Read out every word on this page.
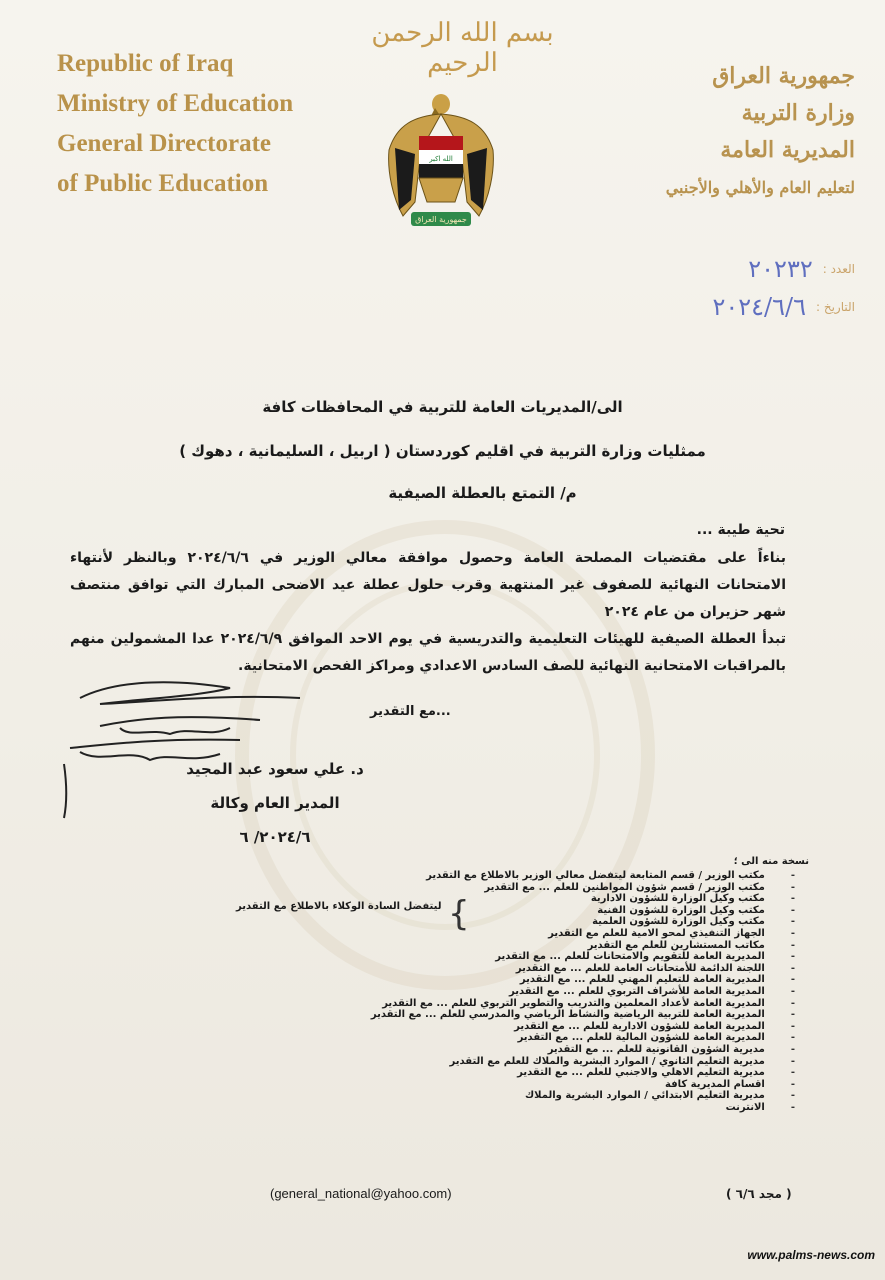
Republic of Iraq
Ministry of Education
General Directorate
of Public Education
بسم الله الرحمن الرحيم
الله اكبر
جمهورية العراق
جمهورية العراق
وزارة التربية
المديرية العامة
لتعليم العام والأهلي والأجنبي
العدد :
٢٠٢٣٢
التاريخ :
٢٠٢٤/٦/٦
الى/المديريات العامة للتربية في المحافظات كافة
ممثليات وزارة التربية في اقليم كوردستان ( اربيل ، السليمانية ، دهوك )
م/ التمتع بالعطلة الصيفية
تحية طيبة ...

بناءاً على مقتضيات المصلحة العامة وحصول موافقة معالي الوزير في ٢٠٢٤/٦/٦ وبالنظر لأنتهاء الامتحانات النهائية للصفوف غير المنتهية وقرب حلول عطلة عيد الاضحى المبارك التي توافق منتصف شهر حزيران من عام ٢٠٢٤

تبدأ العطلة الصيفية للهيئات التعليمية والتدريسية في يوم الاحد الموافق ٢٠٢٤/٦/٩ عدا المشمولين منهم بالمراقبات الامتحانية النهائية للصف السادس الاعدادي ومراكز الفحص الامتحانية.

...مع التقدير
د. علي سعود عبد المجيد
المدير العام وكالة
٢٠٢٤/٦/ ٦
نسخة منه الى ؛
-مكتب الوزير / قسم المتابعة ليتفضل معالي الوزير بالاطلاع مع التقدير
-مكتب الوزير / قسم شؤون المواطنين للعلم ... مع التقدير
-مكتب وكيل الوزارة للشؤون الادارية
-مكتب وكيل الوزارة للشؤون الفنية
-مكتب وكيل الوزارة للشؤون العلمية
-الجهاز التنفيذي لمحو الامية للعلم مع التقدير
-مكاتب المستشارين للعلم مع التقدير
-المديرية العامة للتقويم والامتحانات للعلم ... مع التقدير
-اللجنة الدائمة للأمتحانات العامة للعلم ... مع التقدير
-المديرية العامة للتعليم المهني للعلم ... مع التقدير
-المديرية العامة للأشراف التربوي للعلم ... مع التقدير
-المديرية العامة لأعداد المعلمين والتدريب والتطوير التربوي للعلم ... مع التقدير
-المديرية العامة للتربية الرياضية والنشاط الرياضي والمدرسي للعلم ... مع التقدير
-المديرية العامة للشؤون الادارية للعلم ... مع التقدير
-المديرية العامة للشؤون المالية للعلم ... مع التقدير
-مديرية الشؤون القانونية للعلم ... مع التقدير
-مديرية التعليم الثانوي / الموارد البشرية والملاك للعلم مع التقدير
-مديرية التعليم الاهلي والاجنبي للعلم ... مع التقدير
-اقسام المديرية كافة
-مديرية التعليم الابتدائي / الموارد البشرية والملاك
-الانترنت
{
ليتفضل السادة الوكلاء بالاطلاع مع التقدير
(general_national@yahoo.com)	( مجد ٦/٦ )
www.palms-news.com
